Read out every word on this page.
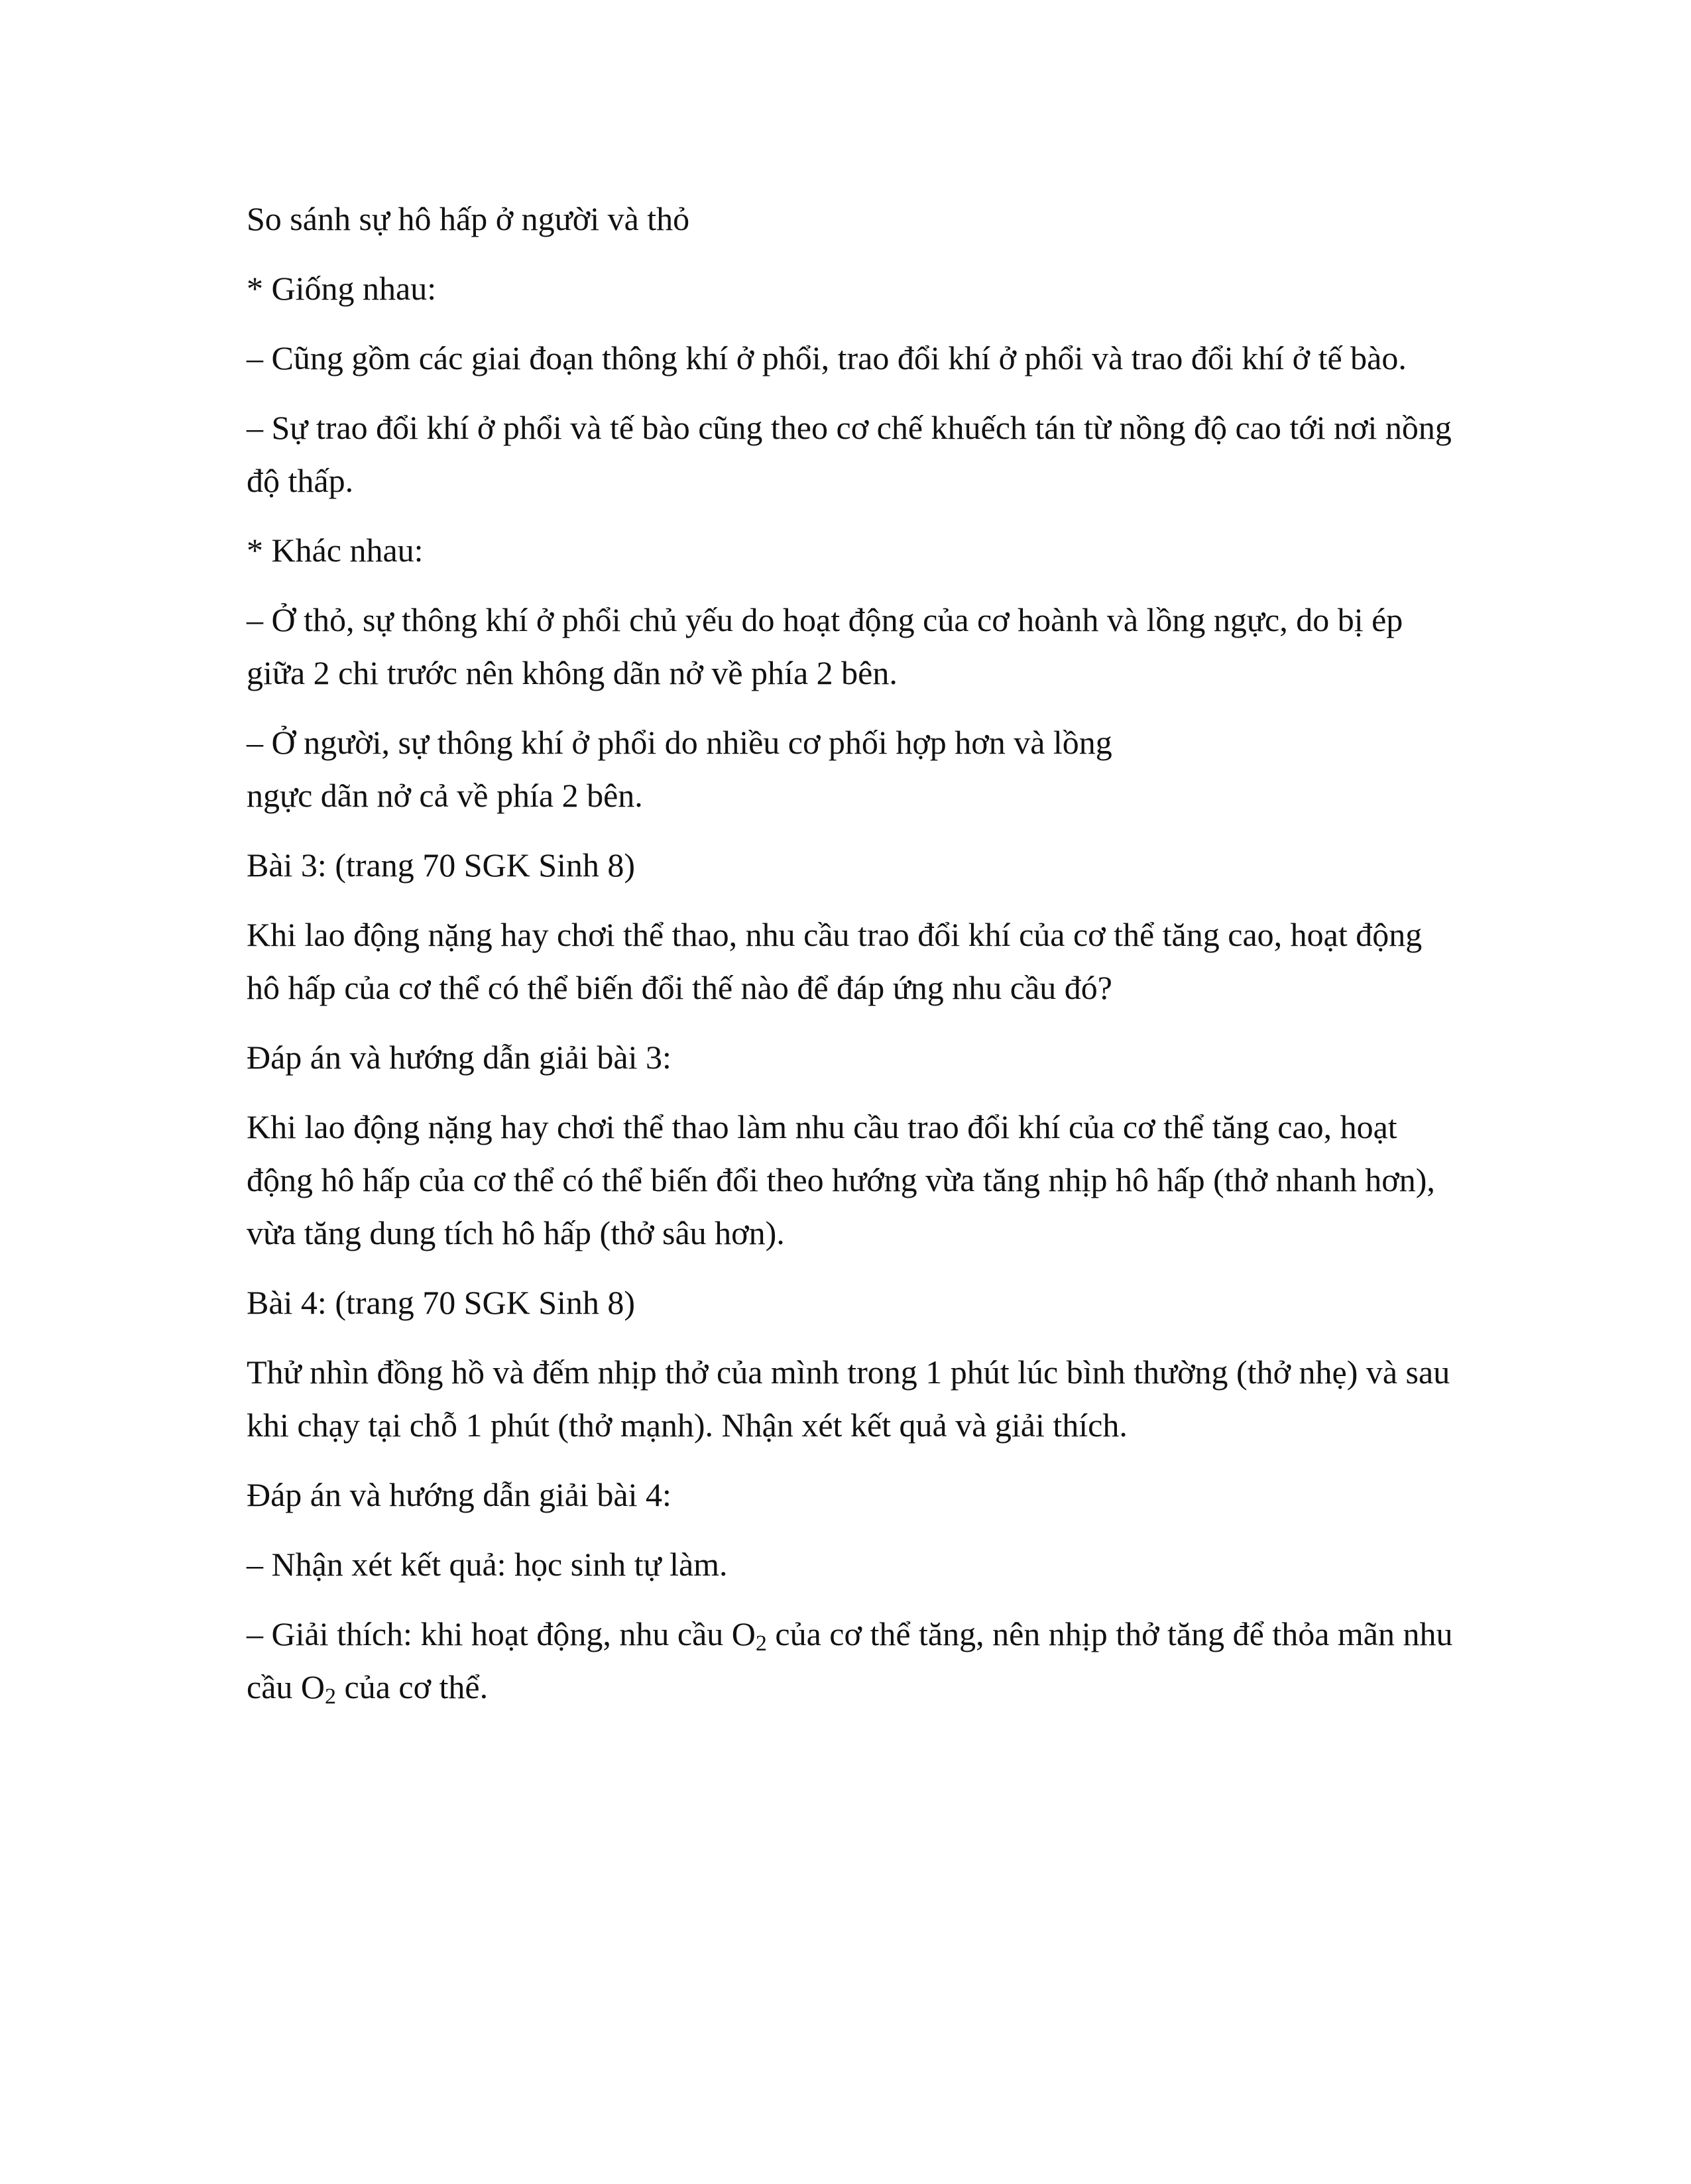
So sánh sự hô hấp ở người và thỏ

* Giống nhau:

– Cũng gồm các giai đoạn thông khí ở phổi, trao đổi khí ở phổi và trao đổi khí ở tế bào.

– Sự trao đổi khí ở phổi và tế bào cũng theo cơ chế khuếch tán từ nồng độ cao tới nơi nồng độ thấp.

* Khác nhau:

– Ở thỏ, sự thông khí ở phổi chủ yếu do hoạt động của cơ hoành và lồng ngực, do bị ép giữa 2 chi trước nên không dãn nở về phía 2 bên.

– Ở người, sự thông khí ở phổi do nhiều cơ phối hợp hơn và lồng

ngực dãn nở cả về phía 2 bên.

Bài 3: (trang 70 SGK Sinh 8)

Khi lao động nặng hay chơi thể thao, nhu cầu trao đổi khí của cơ thể tăng cao, hoạt động hô hấp của cơ thể có thể biến đổi thế nào để đáp ứng nhu cầu đó?

Đáp án và hướng dẫn giải bài 3:

Khi lao động nặng hay chơi thể thao làm nhu cầu trao đổi khí của cơ thể tăng cao, hoạt động hô hấp của cơ thể có thể biến đổi theo hướng vừa tăng nhịp hô hấp (thở nhanh hơn), vừa tăng dung tích hô hấp (thở sâu hơn).

Bài 4: (trang 70 SGK Sinh 8)

Thử nhìn đồng hồ và đếm nhịp thở của mình trong 1 phút lúc bình thường (thở nhẹ) và sau khi chạy tại chỗ 1 phút (thở mạnh). Nhận xét kết quả và giải thích.

Đáp án và hướng dẫn giải bài 4:

– Nhận xét kết quả: học sinh tự làm.

– Giải thích: khi hoạt động, nhu cầu $O_2$ của cơ thể tăng, nên nhịp thở tăng để thỏa mãn nhu cầu $O_2$ của cơ thể.
